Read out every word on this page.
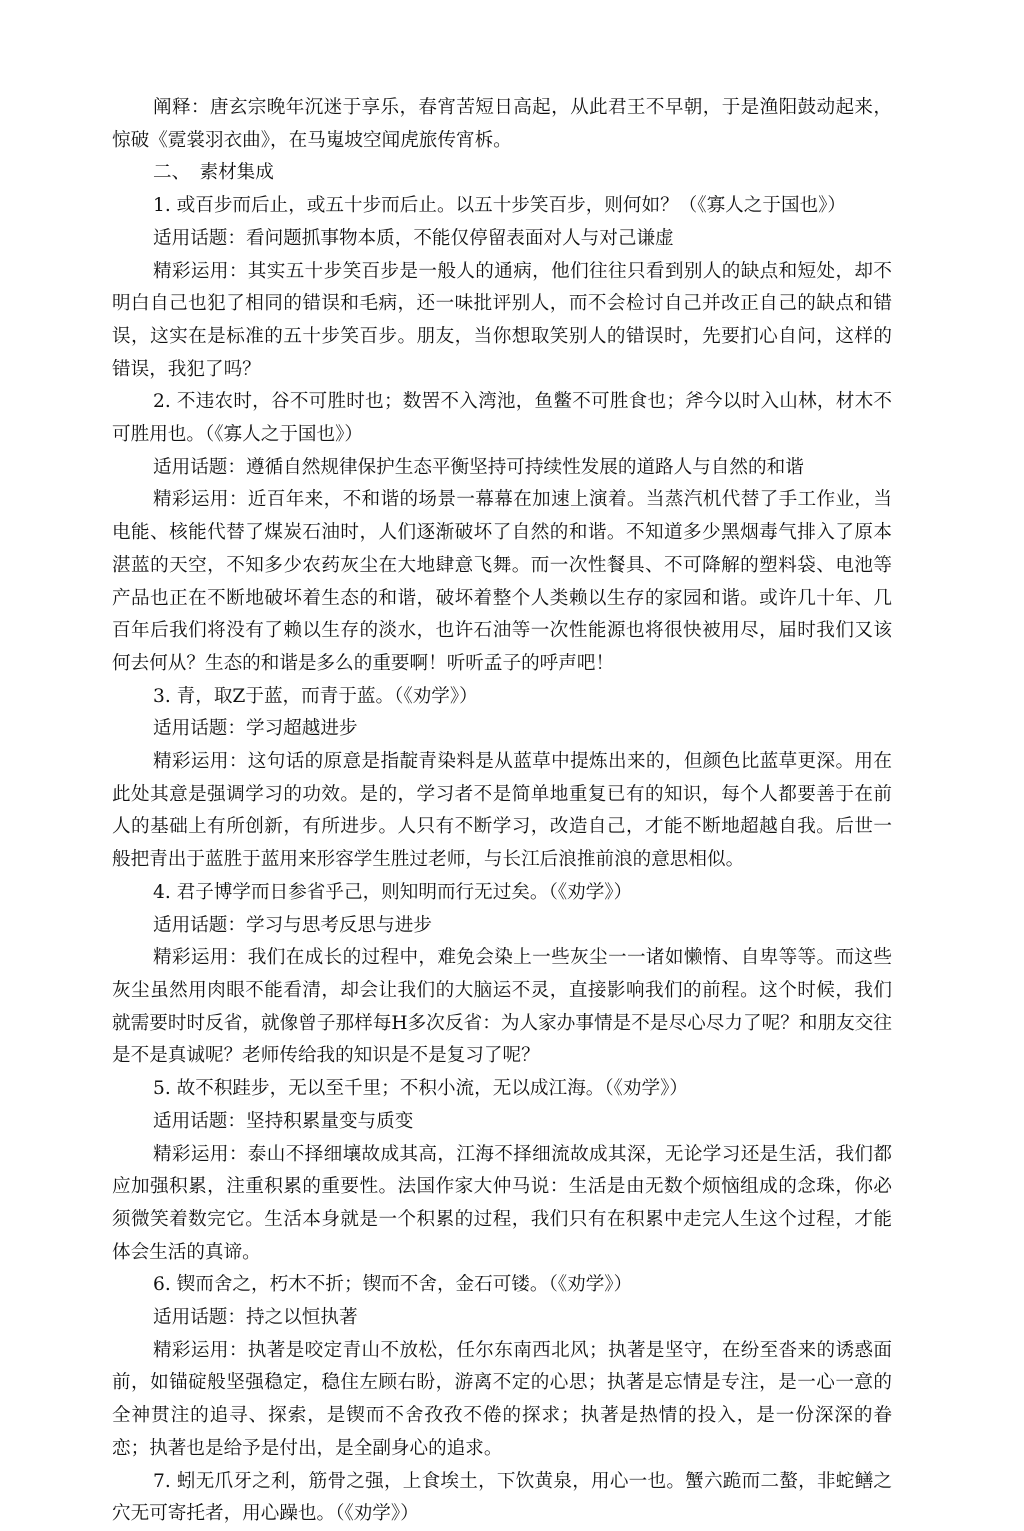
阐释：唐玄宗晚年沉迷于享乐，春宵苦短日高起，从此君王不早朝，于是渔阳鼓动起来，惊破《霓裳羽衣曲》，在马嵬坡空闻虎旅传宵柝。

二、　素材集成

1. 或百步而后止，或五十步而后止。以五十步笑百步，则何如？（《寡人之于国也》）

适用话题：看问题抓事物本质，不能仅停留表面对人与对己谦虚

精彩运用：其实五十步笑百步是一般人的通病，他们往往只看到别人的缺点和短处，却不明白自己也犯了相同的错误和毛病，还一味批评别人，而不会检讨自己并改正自己的缺点和错误，这实在是标准的五十步笑百步。朋友，当你想取笑别人的错误时，先要扪心自问，这样的错误，我犯了吗？

2. 不违农时，谷不可胜时也；数罟不入湾池，鱼鳖不可胜食也；斧今以时入山林，材木不可胜用也。（《寡人之于国也》）

适用话题：遵循自然规律保护生态平衡坚持可持续性发展的道路人与自然的和谐

精彩运用：近百年来，不和谐的场景一幕幕在加速上演着。当蒸汽机代替了手工作业，当电能、核能代替了煤炭石油时，人们逐渐破坏了自然的和谐。不知道多少黑烟毒气排入了原本湛蓝的天空，不知多少农药灰尘在大地肆意飞舞。而一次性餐具、不可降解的塑料袋、电池等产品也正在不断地破坏着生态的和谐，破坏着整个人类赖以生存的家园和谐。或许几十年、几百年后我们将没有了赖以生存的淡水，也许石油等一次性能源也将很快被用尽，届时我们又该何去何从？生态的和谐是多么的重要啊！听听孟子的呼声吧！

3. 青，取Z于蓝，而青于蓝。（《劝学》）

适用话题：学习超越进步

精彩运用：这句话的原意是指靛青染料是从蓝草中提炼出来的，但颜色比蓝草更深。用在此处其意是强调学习的功效。是的，学习者不是简单地重复已有的知识，每个人都要善于在前人的基础上有所创新，有所进步。人只有不断学习，改造自己，才能不断地超越自我。后世一般把青出于蓝胜于蓝用来形容学生胜过老师，与长江后浪推前浪的意思相似。

4. 君子博学而日参省乎己，则知明而行无过矣。（《劝学》）

适用话题：学习与思考反思与进步

精彩运用：我们在成长的过程中，难免会染上一些灰尘一一诸如懒惰、自卑等等。而这些灰尘虽然用肉眼不能看清，却会让我们的大脑运不灵，直接影响我们的前程。这个时候，我们就需要时时反省，就像曾子那样每H多次反省：为人家办事情是不是尽心尽力了呢？和朋友交往是不是真诚呢？老师传给我的知识是不是复习了呢？

5. 故不积跬步，无以至千里；不积小流，无以成江海。（《劝学》）

适用话题：坚持积累量变与质变

精彩运用：泰山不择细壤故成其高，江海不择细流故成其深，无论学习还是生活，我们都应加强积累，注重积累的重要性。法国作家大仲马说：生活是由无数个烦恼组成的念珠，你必须微笑着数完它。生活本身就是一个积累的过程，我们只有在积累中走完人生这个过程，才能体会生活的真谛。

6. 锲而舍之，朽木不折；锲而不舍，金石可镂。（《劝学》）

适用话题：持之以恒执著

精彩运用：执著是咬定青山不放松，任尔东南西北风；执著是坚守，在纷至沓来的诱惑面前，如锚碇般坚强稳定，稳住左顾右盼，游离不定的心思；执著是忘情是专注，是一心一意的全神贯注的追寻、探索，是锲而不舍孜孜不倦的探求；执著是热情的投入，是一份深深的眷恋；执著也是给予是付出，是全副身心的追求。

7. 蚓无爪牙之利，筋骨之强，上食埃土，下饮黄泉，用心一也。蟹六跪而二螯，非蛇鳝之穴无可寄托者，用心躁也。（《劝学》）
